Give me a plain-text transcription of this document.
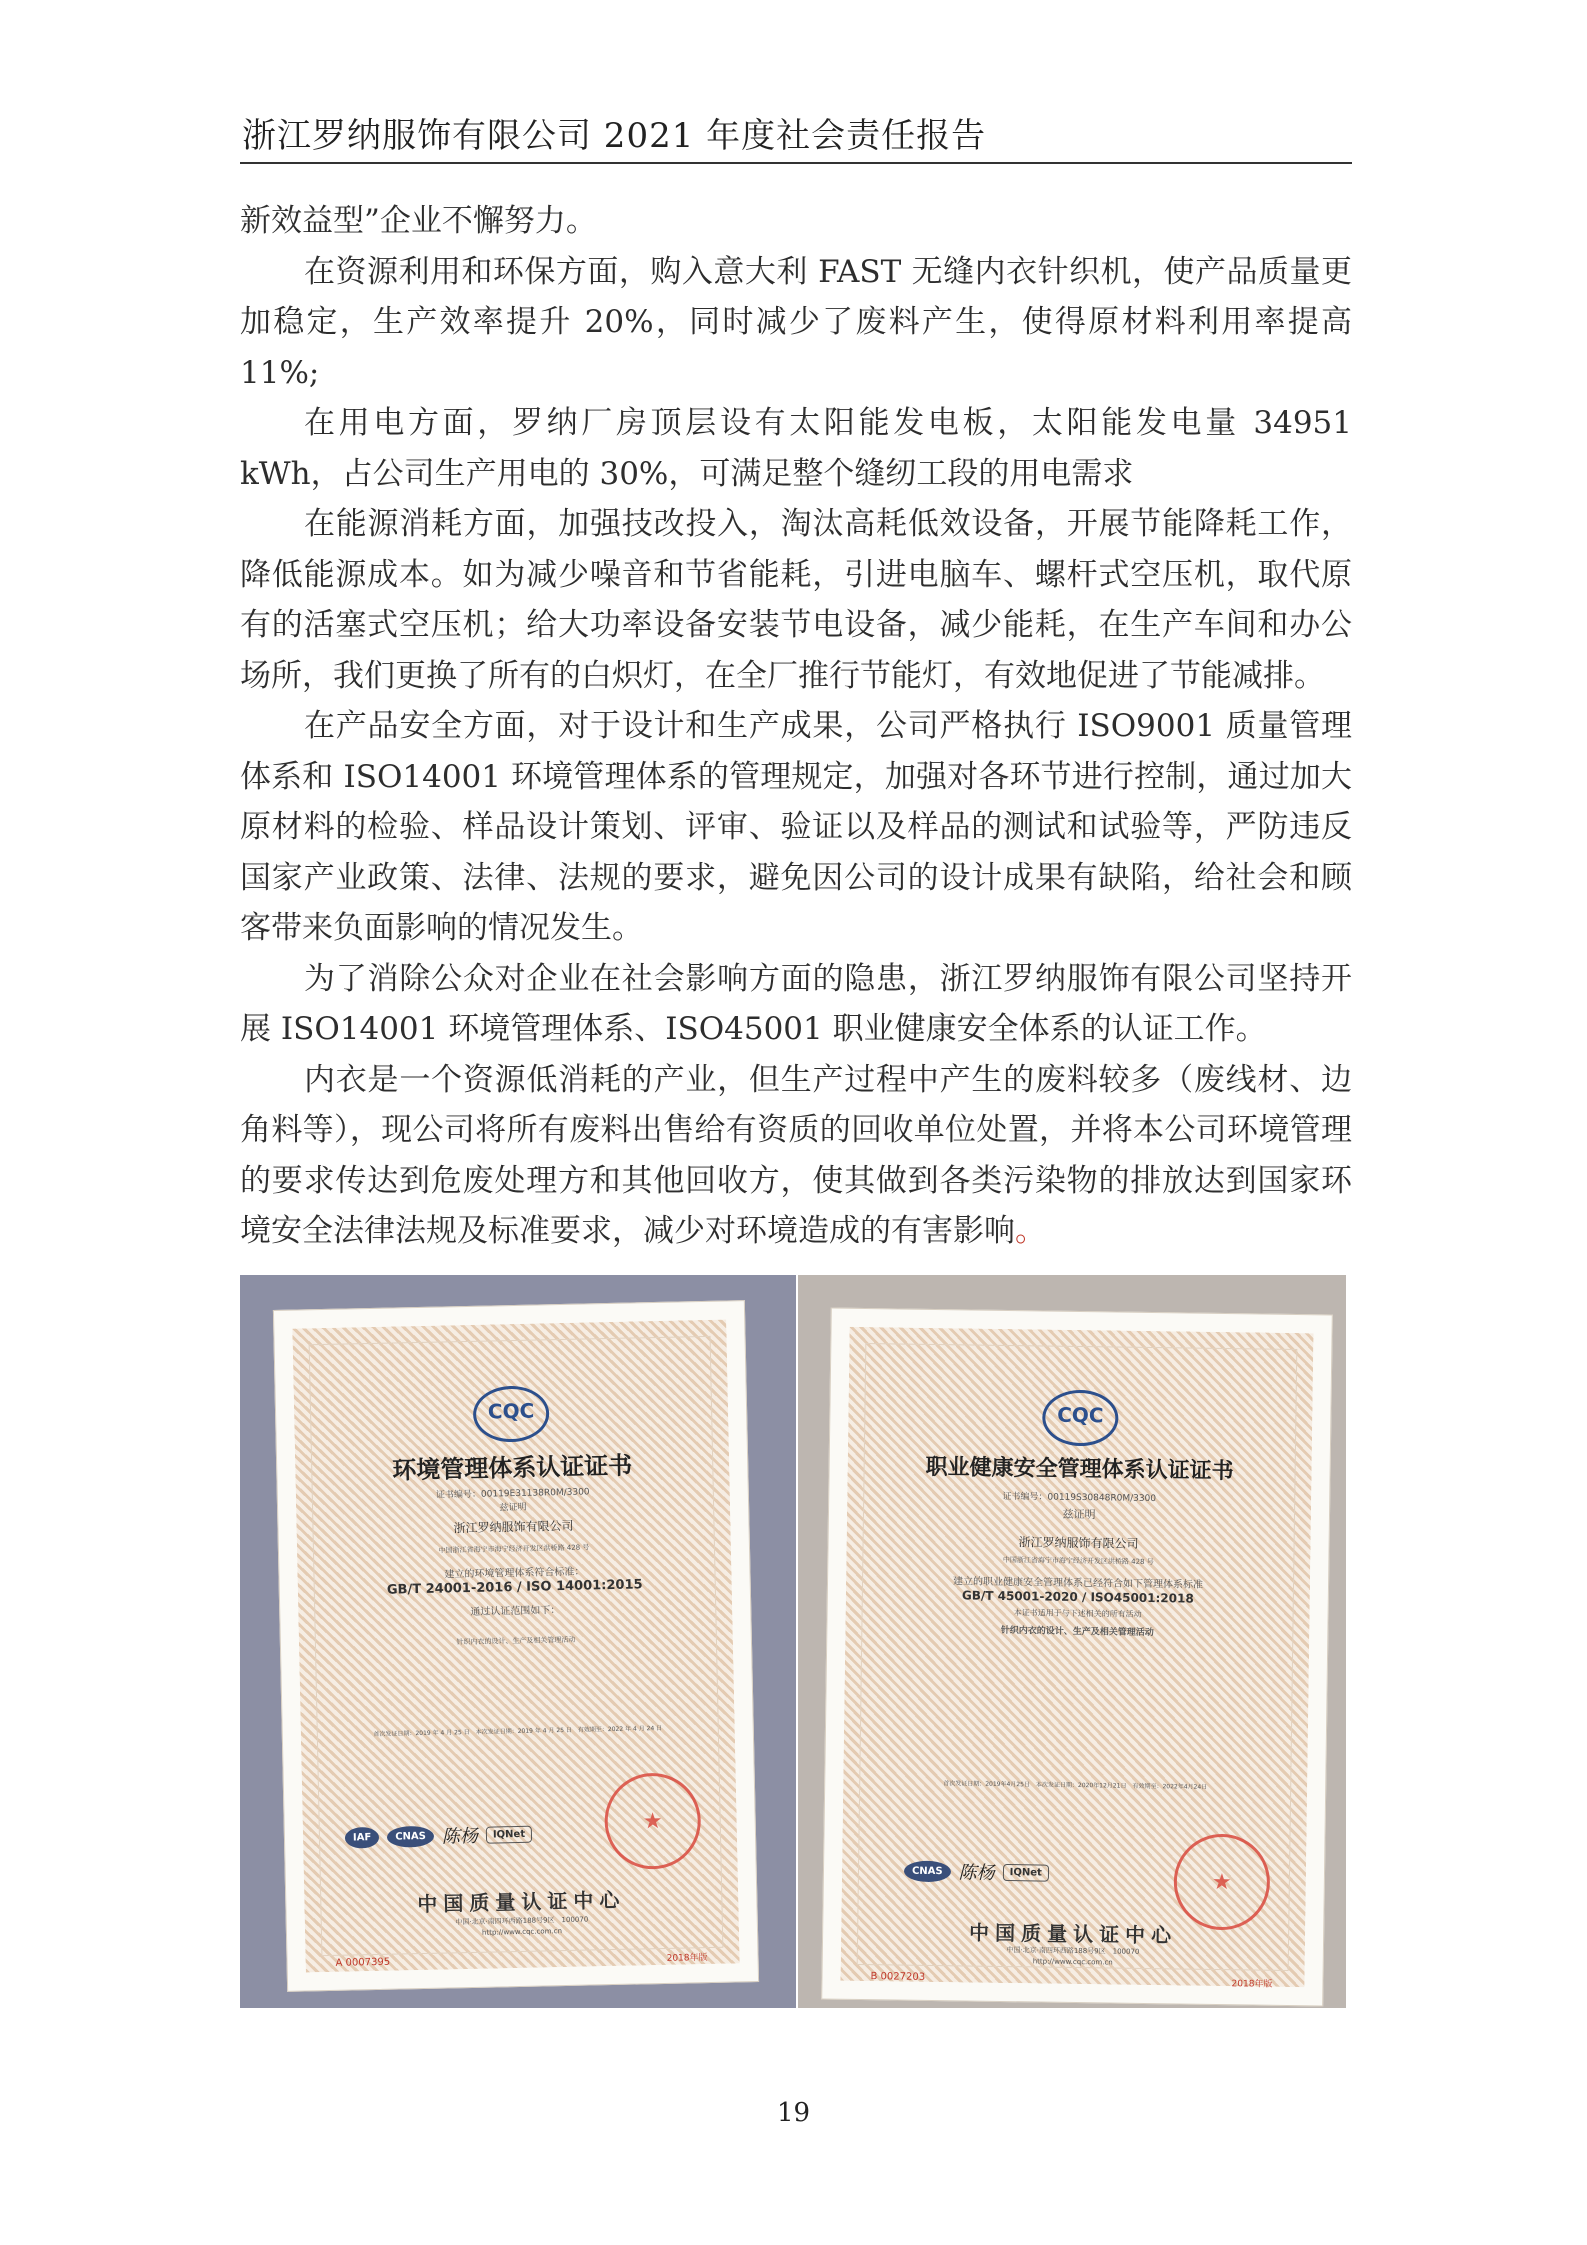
浙江罗纳服饰有限公司 2021 年度社会责任报告

新效益型”企业不懈努力。

在资源利用和环保方面，购入意大利 FAST 无缝内衣针织机，使产品质量更加稳定，生产效率提升 20%，同时减少了废料产生，使得原材料利用率提高 11%;

在用电方面，罗纳厂房顶层设有太阳能发电板，太阳能发电量 34951 kWh，占公司生产用电的 30%，可满足整个缝纫工段的用电需求

在能源消耗方面，加强技改投入，淘汰高耗低效设备，开展节能降耗工作，降低能源成本。如为减少噪音和节省能耗，引进电脑车、螺杆式空压机，取代原有的活塞式空压机；给大功率设备安装节电设备，减少能耗，在生产车间和办公场所，我们更换了所有的白炽灯，在全厂推行节能灯，有效地促进了节能减排。

在产品安全方面，对于设计和生产成果，公司严格执行 ISO9001 质量管理体系和 ISO14001 环境管理体系的管理规定，加强对各环节进行控制，通过加大原材料的检验、样品设计策划、评审、验证以及样品的测试和试验等，严防违反国家产业政策、法律、法规的要求，避免因公司的设计成果有缺陷，给社会和顾客带来负面影响的情况发生。

为了消除公众对企业在社会影响方面的隐患，浙江罗纳服饰有限公司坚持开展 ISO14001 环境管理体系、ISO45001 职业健康安全体系的认证工作。

内衣是一个资源低消耗的产业，但生产过程中产生的废料较多（废线材、边角料等），现公司将所有废料出售给有资质的回收单位处置，并将本公司环境管理的要求传达到危废处理方和其他回收方，使其做到各类污染物的排放达到国家环境安全法律法规及标准要求，减少对环境造成的有害影响。

CQC
环境管理体系认证证书
证书编号：00119E31138R0M/3300
兹证明
浙江罗纳服饰有限公司
中国浙江省海宁市海宁经济开发区洪桥路 428 号
建立的环境管理体系符合标准：
GB/T 24001-2016 / ISO 14001:2015
通过认证范围如下：
针织内衣的设计、生产及相关管理活动
首次发证日期：2019 年 4 月 25 日　本次发证日期：2019 年 4 月 25 日　有效期至：2022 年 4 月 24 日
IAF	CNAS 陈杨	IQNet
★
中国质量认证中心
中国·北京·南四环西路188号9区　100070
http://www.cqc.com.cn
A 0007395	2018年版
CQC
职业健康安全管理体系认证证书
证书编号：00119S30848R0M/3300
兹证明
浙江罗纳服饰有限公司
中国浙江省海宁市海宁经济开发区洪桥路 428 号
建立的职业健康安全管理体系已经符合如下管理体系标准
GB/T 45001-2020 / ISO45001:2018
本证书适用于与下述相关的所有活动
针织内衣的设计、生产及相关管理活动
首次发证日期：2019年4月25日　本次发证日期：2020年12月21日　有效期至：2022年4月24日
CNAS 陈杨	IQNet	★
中国质量认证中心
中国·北京·南四环西路188号9区　100070
http://www.cqc.com.cn
B 0027203
2018年版
19
